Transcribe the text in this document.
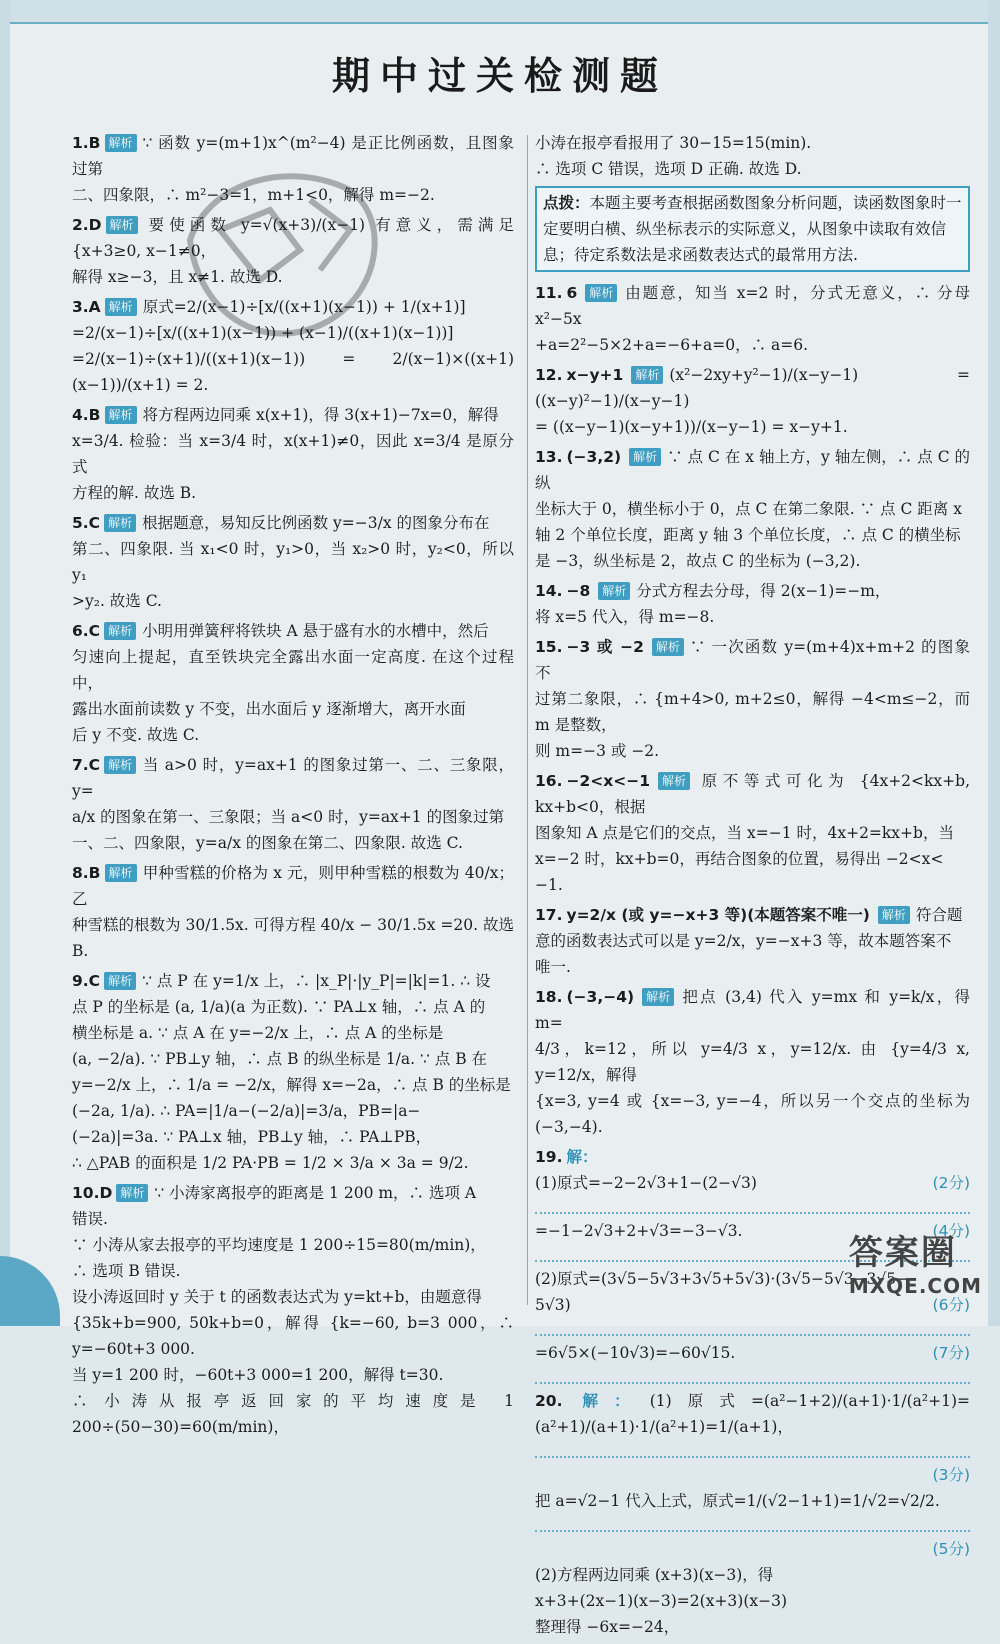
期中过关检测题
1.B 解析 ∵ 函数 y=(m+1)x^(m²−4) 是正比例函数，且图象过第
二、四象限，∴ m²−3=1，m+1<0，解得 m=−2.
2.D 解析 要使函数 y=√(x+3)/(x−1) 有意义，需满足 {x+3≥0, x−1≠0，
解得 x≥−3，且 x≠1. 故选 D.
3.A 解析 原式=2/(x−1)÷[x/((x+1)(x−1)) + 1/(x+1)]
=2/(x−1)÷[x/((x+1)(x−1)) + (x−1)/((x+1)(x−1))]
=2/(x−1)÷(x+1)/((x+1)(x−1)) = 2/(x−1)×((x+1)(x−1))/(x+1) = 2.
4.B 解析 将方程两边同乘 x(x+1)，得 3(x+1)−7x=0，解得
x=3/4. 检验：当 x=3/4 时，x(x+1)≠0，因此 x=3/4 是原分式
方程的解. 故选 B.
5.C 解析 根据题意，易知反比例函数 y=−3/x 的图象分布在
第二、四象限. 当 x₁<0 时，y₁>0，当 x₂>0 时，y₂<0，所以 y₁
>y₂. 故选 C.
6.C 解析 小明用弹簧秤将铁块 A 悬于盛有水的水槽中，然后
匀速向上提起，直至铁块完全露出水面一定高度. 在这个过程中，
露出水面前读数 y 不变，出水面后 y 逐渐增大，离开水面
后 y 不变. 故选 C.
7.C 解析 当 a>0 时，y=ax+1 的图象过第一、二、三象限，y=
a/x 的图象在第一、三象限；当 a<0 时，y=ax+1 的图象过第
一、二、四象限，y=a/x 的图象在第二、四象限. 故选 C.
8.B 解析 甲种雪糕的价格为 x 元，则甲种雪糕的根数为 40/x；乙
种雪糕的根数为 30/1.5x. 可得方程 40/x − 30/1.5x =20. 故选 B.
9.C 解析 ∵ 点 P 在 y=1/x 上，∴ |x_P|·|y_P|=|k|=1. ∴ 设
点 P 的坐标是 (a, 1/a)(a 为正数). ∵ PA⊥x 轴，∴ 点 A 的
横坐标是 a. ∵ 点 A 在 y=−2/x 上，∴ 点 A 的坐标是
(a, −2/a). ∵ PB⊥y 轴，∴ 点 B 的纵坐标是 1/a. ∵ 点 B 在
y=−2/x 上，∴ 1/a = −2/x，解得 x=−2a，∴ 点 B 的坐标是
(−2a, 1/a). ∴ PA=|1/a−(−2/a)|=3/a，PB=|a−
(−2a)|=3a. ∵ PA⊥x 轴，PB⊥y 轴，∴ PA⊥PB，
∴ △PAB 的面积是 1/2 PA·PB = 1/2 × 3/a × 3a = 9/2.
10.D 解析 ∵ 小涛家离报亭的距离是 1 200 m，∴ 选项 A
错误.
∵ 小涛从家去报亭的平均速度是 1 200÷15=80(m/min)，
∴ 选项 B 错误.
设小涛返回时 y 关于 t 的函数表达式为 y=kt+b，由题意得
{35k+b=900, 50k+b=0，解得 {k=−60, b=3 000，∴ y=−60t+3 000.
当 y=1 200 时，−60t+3 000=1 200，解得 t=30.
∴ 小涛从报亭返回家的平均速度是 1 200÷(50−30)=60(m/min)，
小涛在报亭看报用了 30−15=15(min).
∴ 选项 C 错误，选项 D 正确. 故选 D.
点拨：本题主要考查根据函数图象分析问题，读函数图象时一定要明白横、纵坐标表示的实际意义，从图象中读取有效信息；待定系数法是求函数表达式的最常用方法.
11. 6 解析 由题意，知当 x=2 时，分式无意义，∴ 分母 x²−5x
+a=2²−5×2+a=−6+a=0，∴ a=6.
12. x−y+1 解析 (x²−2xy+y²−1)/(x−y−1) = ((x−y)²−1)/(x−y−1)
= ((x−y−1)(x−y+1))/(x−y−1) = x−y+1.
13. (−3,2) 解析 ∵ 点 C 在 x 轴上方，y 轴左侧，∴ 点 C 的纵
坐标大于 0，横坐标小于 0，点 C 在第二象限. ∵ 点 C 距离 x
轴 2 个单位长度，距离 y 轴 3 个单位长度，∴ 点 C 的横坐标
是 −3，纵坐标是 2，故点 C 的坐标为 (−3,2).
14. −8 解析 分式方程去分母，得 2(x−1)=−m，
将 x=5 代入，得 m=−8.
15. −3 或 −2 解析 ∵ 一次函数 y=(m+4)x+m+2 的图象不
过第二象限，∴ {m+4>0, m+2≤0，解得 −4<m≤−2，而 m 是整数，
则 m=−3 或 −2.
16. −2<x<−1 解析 原不等式可化为 {4x+2<kx+b, kx+b<0，根据
图象知 A 点是它们的交点，当 x=−1 时，4x+2=kx+b，当
x=−2 时，kx+b=0，再结合图象的位置，易得出 −2<x<
−1.
17. y=2/x (或 y=−x+3 等)(本题答案不唯一) 解析 符合题
意的函数表达式可以是 y=2/x，y=−x+3 等，故本题答案不
唯一.
18. (−3,−4) 解析 把点 (3,4) 代入 y=mx 和 y=k/x，得 m=
4/3，k=12，所以 y=4/3 x，y=12/x. 由 {y=4/3 x, y=12/x，解得
{x=3, y=4 或 {x=−3, y=−4，所以另一个交点的坐标为 (−3,−4).
19. 解：
(2分)
(1)原式=−2−2√3+1−(2−√3)
(4分)
=−1−2√3+2+√3=−3−√3.
(2)原式=(3√5−5√3+3√5+5√3)·(3√5−5√3−3√5−
(6分)
5√3)
(7分)
=6√5×(−10√3)=−60√15.
20. 解： (1)原式=(a²−1+2)/(a+1)·1/(a²+1)=(a²+1)/(a+1)·1/(a²+1)=1/(a+1)，
(3分)

把 a=√2−1 代入上式，原式=1/(√2−1+1)=1/√2=√2/2.
(5分)

(2)方程两边同乘 (x+3)(x−3)，得
x+3+(2x−1)(x−3)=2(x+3)(x−3)
整理得 −6x=−24，
答案圈
MXQE.COM
